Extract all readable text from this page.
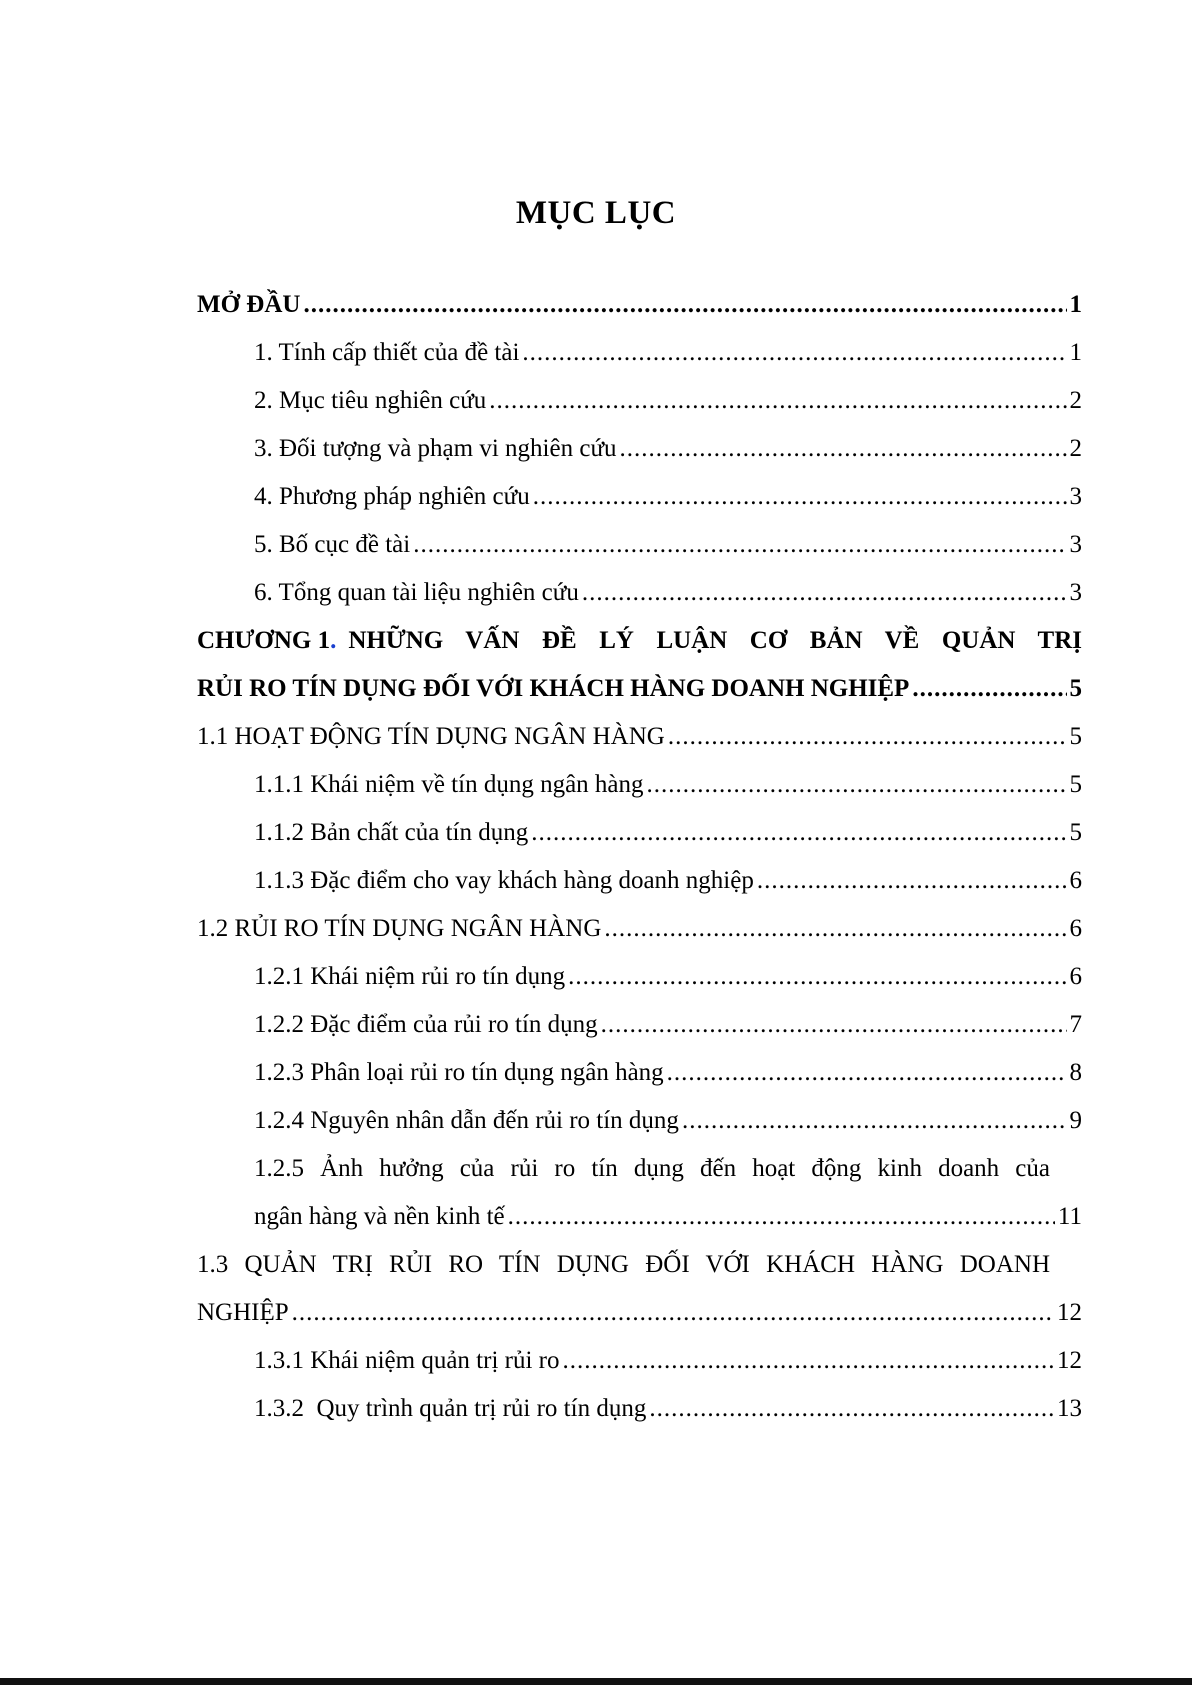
MỤC LỤC
MỞ ĐẦU .....	1
1. Tính cấp thiết của đề tài .....	1
2. Mục tiêu nghiên cứu .....	2
3. Đối tượng và phạm vi nghiên cứu .....	2
4. Phương pháp nghiên cứu .....	3
5. Bố cục đề tài .....	3
6. Tổng quan tài liệu nghiên cứu .....	3
CHƯƠNG 1. NHỮNG VẤN ĐỀ LÝ LUẬN CƠ BẢN VỀ QUẢN TRỊ
RỦI RO TÍN DỤNG ĐỐI VỚI KHÁCH HÀNG DOANH NGHIỆP .....	5
1.1 HOẠT ĐỘNG TÍN DỤNG NGÂN HÀNG .....	5
1.1.1 Khái niệm về tín dụng ngân hàng .....	5
1.1.2 Bản chất của tín dụng .....	5
1.1.3 Đặc điểm cho vay khách hàng doanh nghiệp .....	6
1.2 RỦI RO TÍN DỤNG NGÂN HÀNG .....	6
1.2.1 Khái niệm rủi ro tín dụng .....	6
1.2.2 Đặc điểm của rủi ro tín dụng .....	7
1.2.3 Phân loại rủi ro tín dụng ngân hàng .....	8
1.2.4 Nguyên nhân dẫn đến rủi ro tín dụng .....	9
1.2.5 Ảnh hưởng của rủi ro tín dụng đến hoạt động kinh doanh của
ngân hàng và nền kinh tế .....	11
1.3 QUẢN TRỊ RỦI RO TÍN DỤNG ĐỐI VỚI KHÁCH HÀNG DOANH
NGHIỆP .....	12
1.3.1 Khái niệm quản trị rủi ro .....	12
1.3.2  Quy trình quản trị rủi ro tín dụng .....	13
